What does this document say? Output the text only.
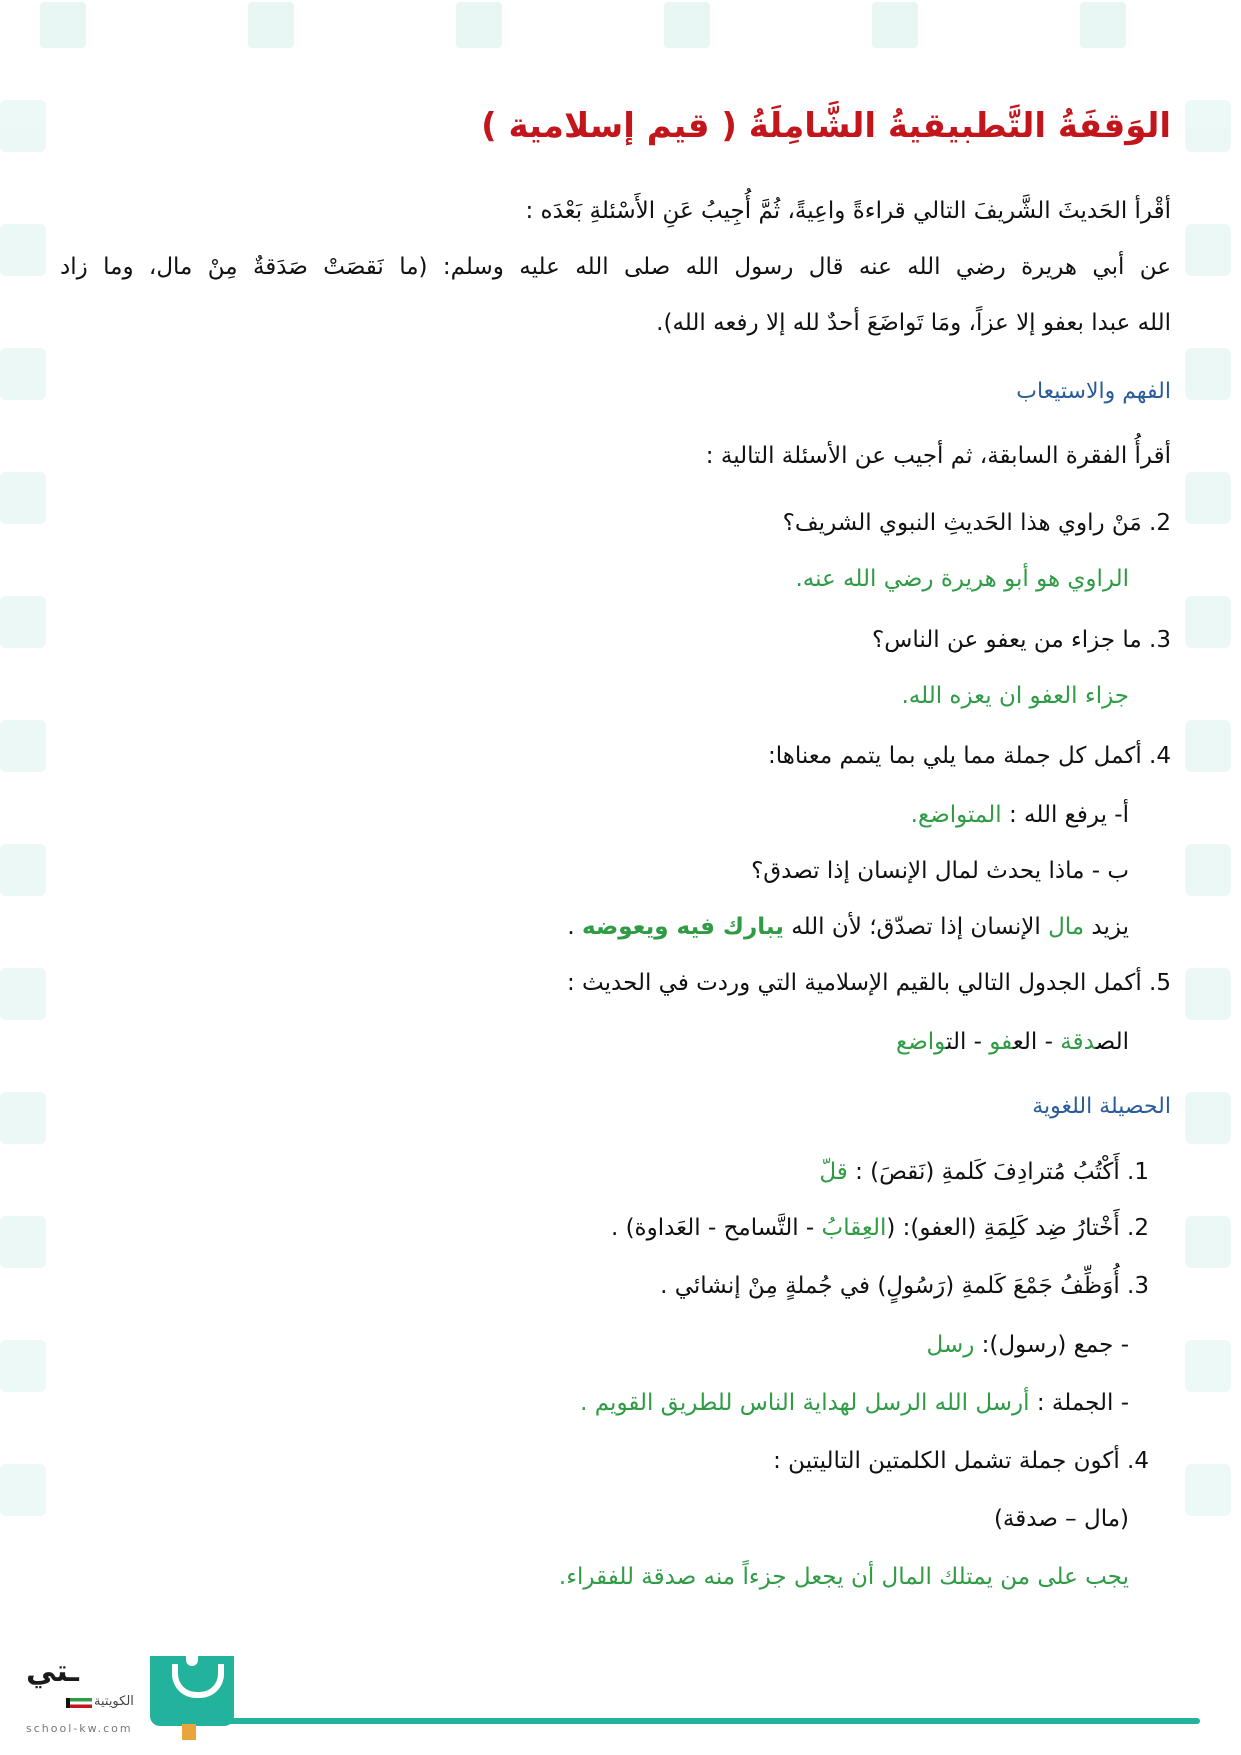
الوَقفَةُ التَّطبيقيةُ الشَّامِلَةُ ( قيم إسلامية )
أقْرأ الحَديثَ الشَّريفَ التالي قراءةً واعِيةً، ثُمَّ أُجِيبُ عَنِ الأَسْئلةِ بَعْدَه :
عن أبي هريرة رضي الله عنه قال رسول الله صلى الله عليه وسلم: (ما نَقصَتْ صَدَقةٌ مِنْ مال، وما زاد
الله عبدا بعفو إلا عزاً، ومَا تَواضَعَ أحدٌ لله إلا رفعه الله).
الفهم والاستيعاب
أقرأُ الفقرة السابقة، ثم أجيب عن الأسئلة التالية :
2. مَنْ راوي هذا الحَديثِ النبوي الشريف؟
الراوي هو أبو هريرة رضي الله عنه.
3. ما جزاء من يعفو عن الناس؟
جزاء العفو ان يعزه الله.
4. أكمل كل جملة مما يلي بما يتمم معناها:
أ- يرفع الله : المتواضع.
ب - ماذا يحدث لمال الإنسان إذا تصدق؟
يزيد مال الإنسان إذا تصدّق؛ لأن الله يبارك فيه ويعوضه .
5. أكمل الجدول التالي بالقيم الإسلامية التي وردت في الحديث :
الصدقة - العفو - التواضع
الحصيلة اللغوية
1. أَكْتُبُ مُترادِفَ كَلمةِ (نَقصَ) : قلّ
2. أَخْتارُ ضِد كَلِمَةِ (العفو): (العِقابُ - التَّسامح - العَداوة) .
3. أُوَظِّفُ جَمْعَ كَلمةِ (رَسُولٍ) في جُملةٍ مِنْ إنشائي .
- جمع (رسول): رسل
- الجملة : أرسل الله الرسل لهداية الناس للطريق القويم .
4. أكون جملة تشمل الكلمتين التاليتين :
(مال – صدقة)
يجب على من يمتلك المال أن يجعل جزءاً منه صدقة للفقراء.
ـتي
الكويتية
school-kw.com
